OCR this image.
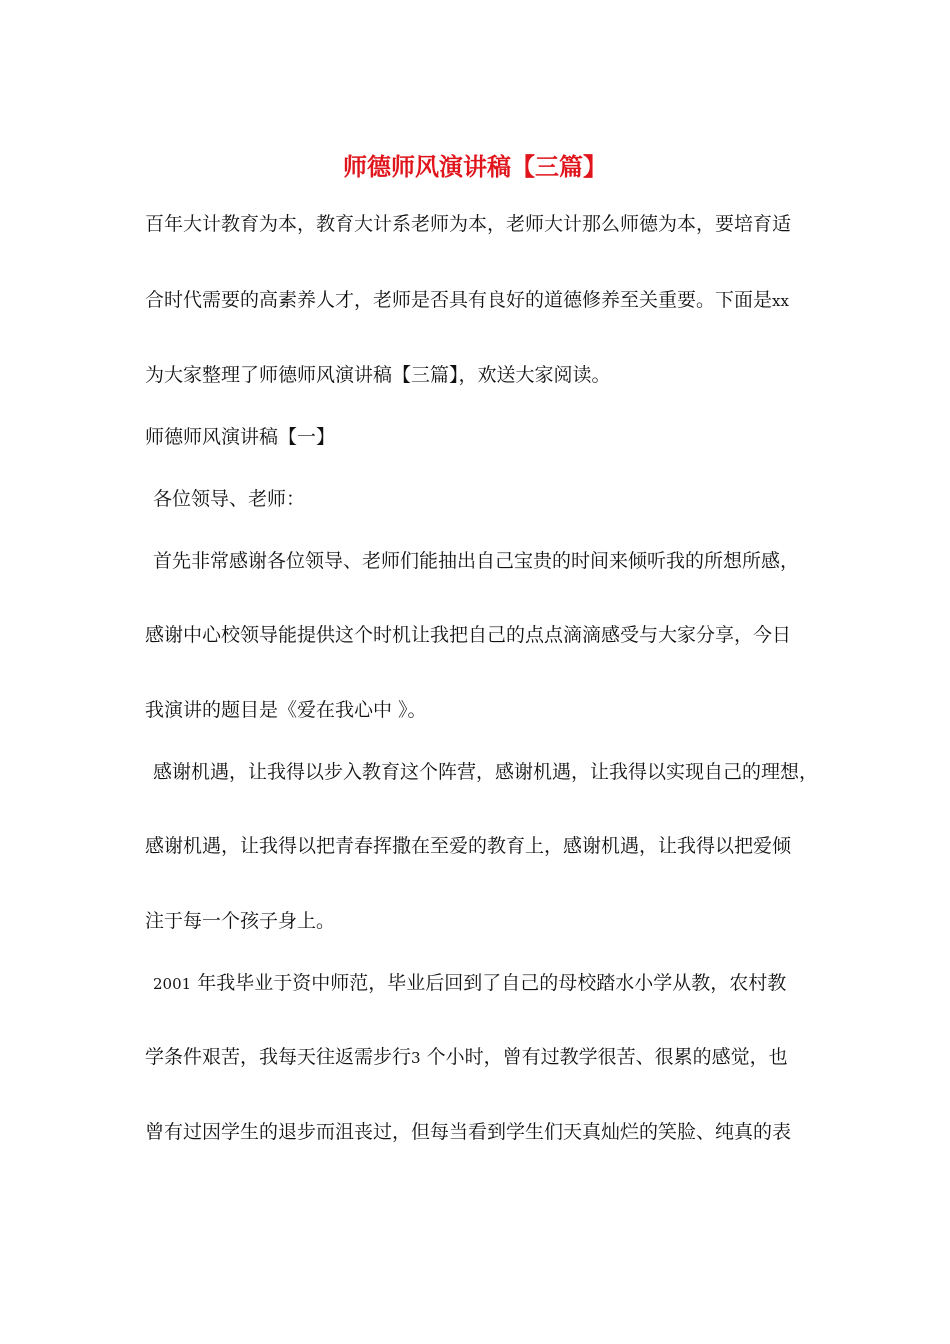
师德师风演讲稿【三篇】

百年大计教育为本，教育大计系老师为本，老师大计那么师德为本，要培育适

合时代需要的高素养人才，老师是否具有良好的道德修养至关重要。下面是xx

为大家整理了师德师风演讲稿【三篇】，欢送大家阅读。

师德师风演讲稿【一】

各位领导、老师：

首先非常感谢各位领导、老师们能抽出自己宝贵的时间来倾听我的所想所感，

感谢中心校领导能提供这个时机让我把自己的点点滴滴感受与大家分享，今日

我演讲的题目是《爱在我心中 》。

感谢机遇，让我得以步入教育这个阵营，感谢机遇，让我得以实现自己的理想，

感谢机遇，让我得以把青春挥撒在至爱的教育上，感谢机遇，让我得以把爱倾

注于每一个孩子身上。

2001 年我毕业于资中师范，毕业后回到了自己的母校踏水小学从教，农村教

学条件艰苦，我每天往返需步行3 个小时，曾有过教学很苦、很累的感觉，也

曾有过因学生的退步而沮丧过，但每当看到学生们天真灿烂的笑脸、纯真的表
